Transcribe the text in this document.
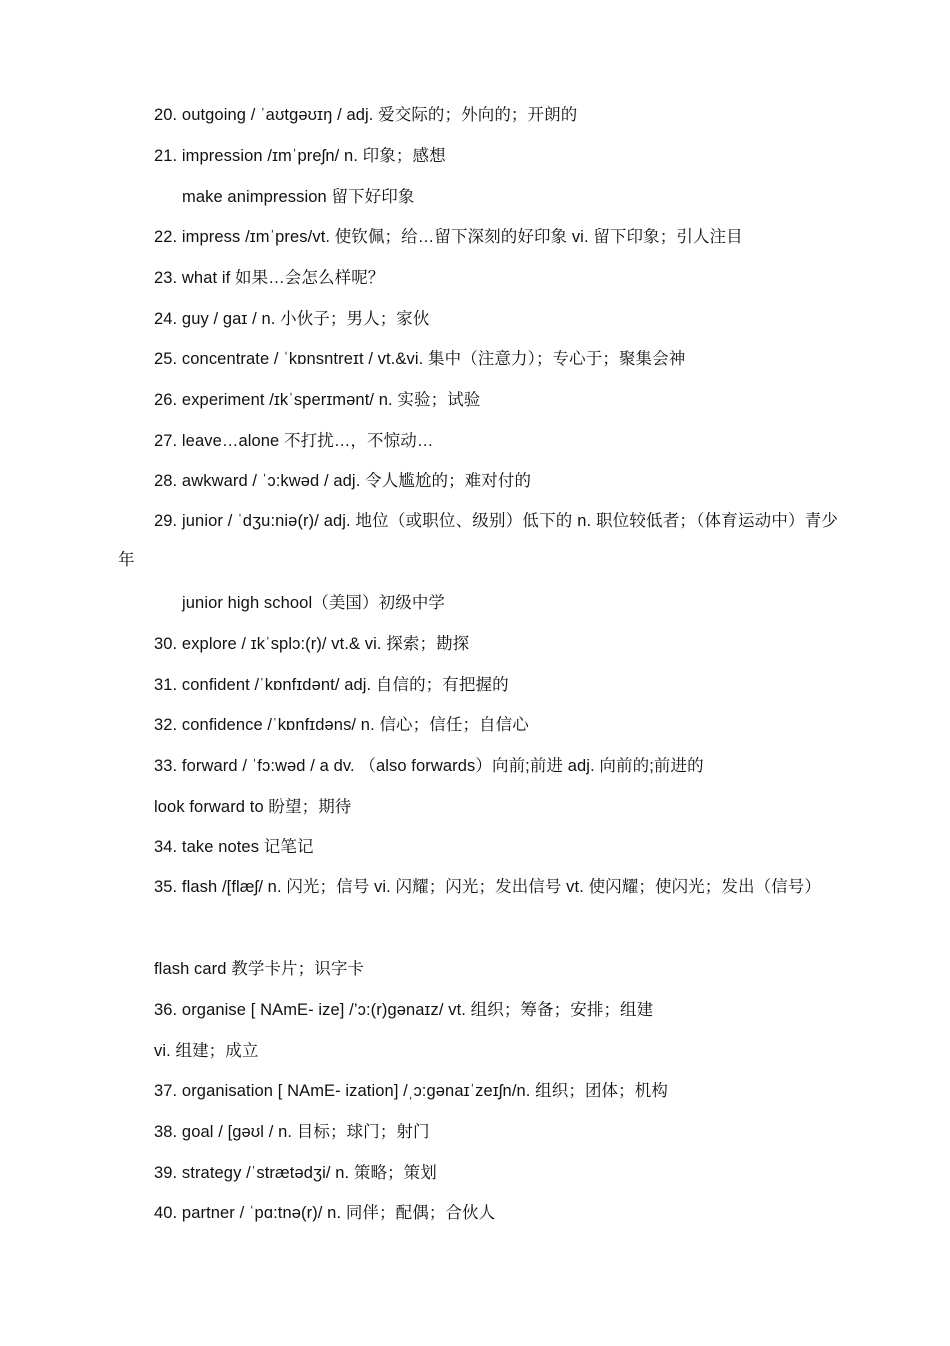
20. outgoing / ˈaʊtgəʊɪŋ / adj. 爱交际的；外向的；开朗的
21. impression /ɪmˈpreʃn/ n. 印象；感想
make animpression 留下好印象
22. impress /ɪmˈpres/vt. 使钦佩；给…留下深刻的好印象 vi. 留下印象；引人注目
23. what if 如果…会怎么样呢？
24. guy / gaɪ / n. 小伙子；男人；家伙
25. concentrate / ˈkɒnsntreɪt / vt.&vi. 集中（注意力）；专心于；聚集会神
26. experiment /ɪkˈsperɪmənt/ n. 实验；试验
27. leave…alone 不打扰…，不惊动…
28. awkward / ˈɔ:kwəd / adj. 令人尴尬的；难对付的
29. junior / ˈdʒu:niə(r)/ adj. 地位（或职位、级别）低下的 n. 职位较低者；（体育运动中）青少年
junior high school（美国）初级中学
30. explore / ɪkˈsplɔ:(r)/ vt.& vi. 探索；勘探
31. confident /ˈkɒnfɪdənt/ adj. 自信的；有把握的
32. confidence /ˈkɒnfɪdəns/ n. 信心；信任；自信心
33. forward / ˈfɔ:wəd / a dv. （also forwards）向前;前进 adj. 向前的;前进的
look forward to 盼望；期待
34. take notes 记笔记
35. flash /[flæʃ/ n. 闪光；信号 vi. 闪耀；闪光；发出信号 vt. 使闪耀；使闪光；发出（信号）
flash card 教学卡片；识字卡
36. organise [ NAmE- ize] /’ɔ:(r)gənaɪz/ vt. 组织；筹备；安排；组建
vi. 组建；成立
37. organisation [ NAmE- ization] /ˌɔ:gənaɪˈzeɪʃn/n. 组织；团体；机构
38. goal / [gəʊl / n. 目标；球门；射门
39. strategy /ˈstrætədʒi/ n. 策略；策划
40. partner / ˈpɑ:tnə(r)/ n. 同伴；配偶；合伙人
